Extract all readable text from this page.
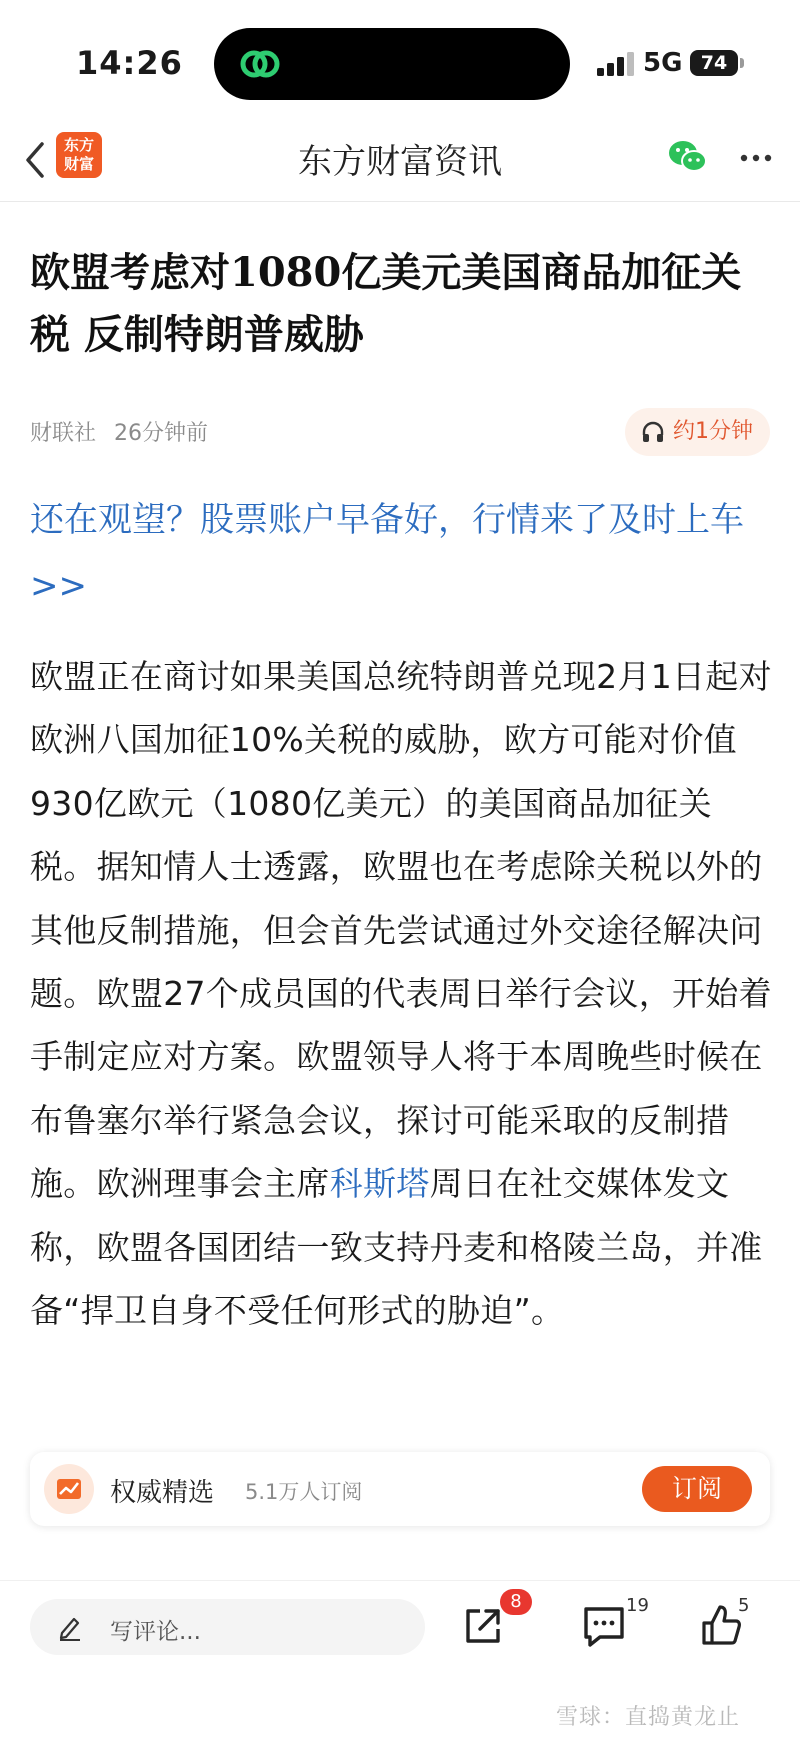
14:26	5G 74
东方
财富	东方财富资讯
欧盟考虑对1080亿美元美国商品加征关税 反制特朗普威胁
财联社 26分钟前	约1分钟
还在观望？股票账户早备好，行情来了及时上车>>
欧盟正在商讨如果美国总统特朗普兑现2月1日起对欧洲八国加征10%关税的威胁，欧方可能对价值930亿欧元（1080亿美元）的美国商品加征关税。据知情人士透露，欧盟也在考虑除关税以外的其他反制措施，但会首先尝试通过外交途径解决问题。欧盟27个成员国的代表周日举行会议，开始着手制定应对方案。欧盟领导人将于本周晚些时候在布鲁塞尔举行紧急会议，探讨可能采取的反制措施。欧洲理事会主席科斯塔周日在社交媒体发文称，欧盟各国团结一致支持丹麦和格陵兰岛，并准备“捍卫自身不受任何形式的胁迫”。
权威精选 5.1万人订阅	订阅
写评论...
8	19	5
雪球：直捣黄龙止
